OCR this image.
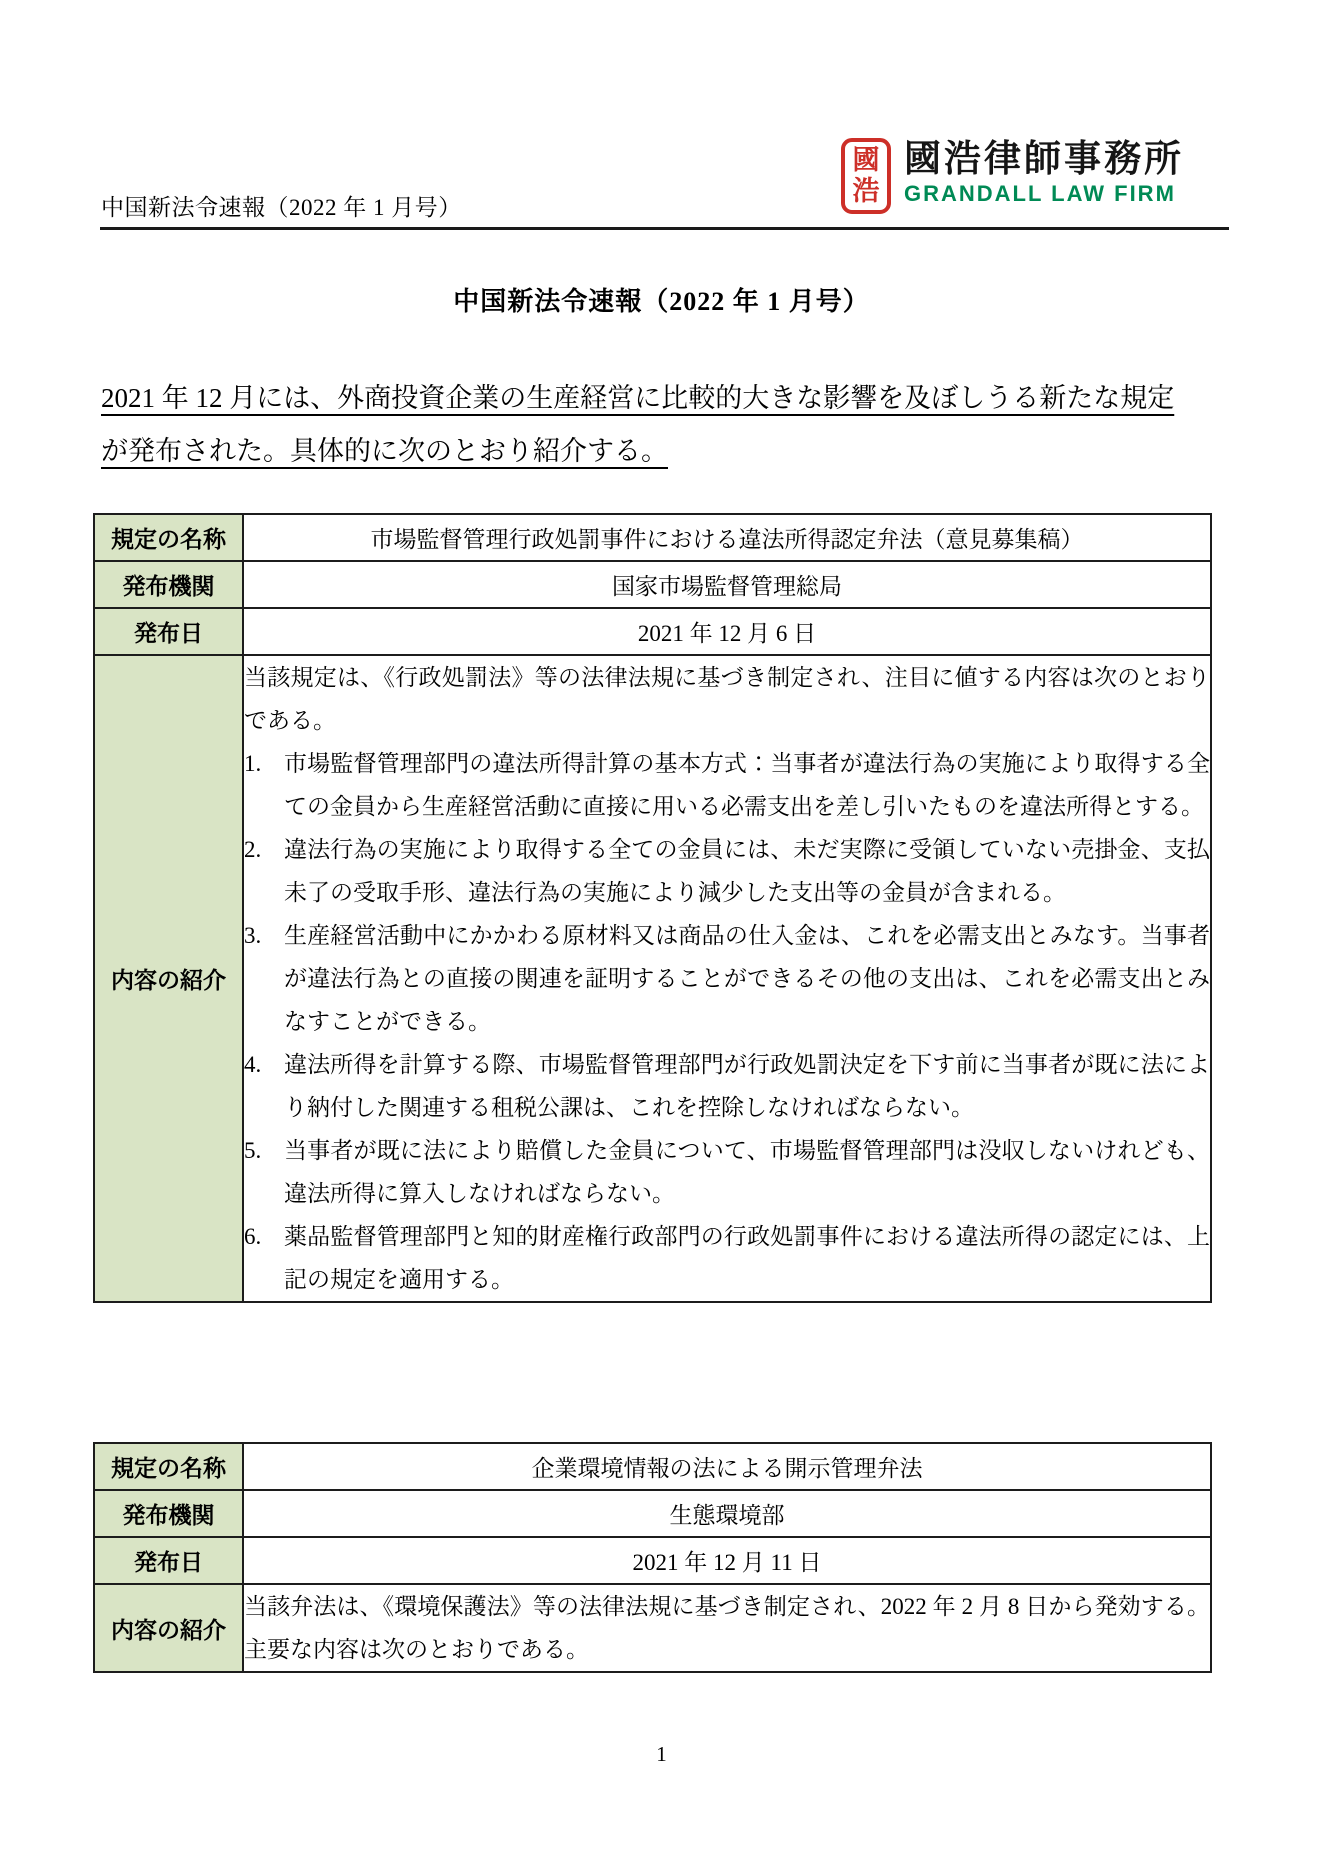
中国新法令速報（2022 年 1 月号）
國
浩
國浩律師事務所
GRANDALL LAW FIRM
中国新法令速報（2022 年 1 月号）
2021 年 12 月には、外商投資企業の生産経営に比較的大きな影響を及ぼしうる新たな規定
が発布された。具体的に次のとおり紹介する。
規定の名称	市場監督管理行政処罰事件における違法所得認定弁法（意見募集稿）
発布機関	国家市場監督管理総局
発布日	2021 年 12 月 6 日
内容の紹介	
当該規定は、《行政処罰法》等の法律法規に基づき制定され、注目に値する内容は次のとおりである。
1. 市場監督管理部門の違法所得計算の基本方式：当事者が違法行為の実施により取得する全ての金員から生産経営活動に直接に用いる必需支出を差し引いたものを違法所得とする。
2. 違法行為の実施により取得する全ての金員には、未だ実際に受領していない売掛金、支払未了の受取手形、違法行為の実施により減少した支出等の金員が含まれる。
3. 生産経営活動中にかかわる原材料又は商品の仕入金は、これを必需支出とみなす。当事者が違法行為との直接の関連を証明することができるその他の支出は、これを必需支出とみなすことができる。
4. 違法所得を計算する際、市場監督管理部門が行政処罰決定を下す前に当事者が既に法により納付した関連する租税公課は、これを控除しなければならない。
5. 当事者が既に法により賠償した金員について、市場監督管理部門は没収しないけれども、違法所得に算入しなければならない。
6. 薬品監督管理部門と知的財産権行政部門の行政処罰事件における違法所得の認定には、上記の規定を適用する。
規定の名称	企業環境情報の法による開示管理弁法
発布機関	生態環境部
発布日	2021 年 12 月 11 日
内容の紹介	当該弁法は、《環境保護法》等の法律法規に基づき制定され、2022 年 2 月 8 日から発効する。主要な内容は次のとおりである。
1
